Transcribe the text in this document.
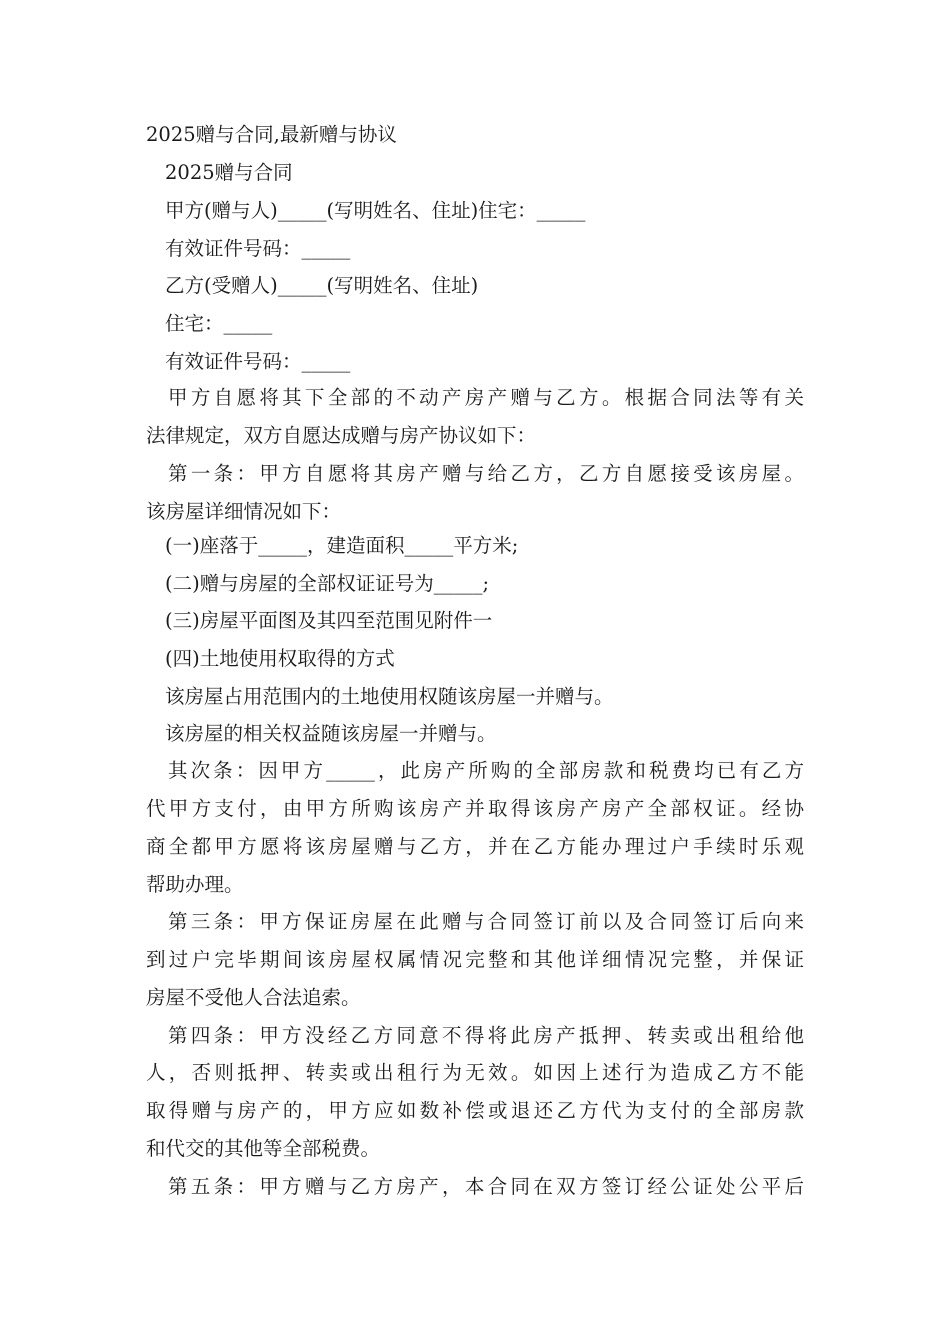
2025赠与合同,最新赠与协议
2025赠与合同
甲方(赠与人)_____(写明姓名、住址)住宅：_____
有效证件号码：_____
乙方(受赠人)_____(写明姓名、住址)
住宅：_____
有效证件号码：_____
甲方自愿将其下全部的不动产房产赠与乙方。根据合同法等有关
法律规定，双方自愿达成赠与房产协议如下：
第一条：甲方自愿将其房产赠与给乙方，乙方自愿接受该房屋。
该房屋详细情况如下：
(一)座落于_____，建造面积_____平方米;
(二)赠与房屋的全部权证证号为_____;
(三)房屋平面图及其四至范围见附件一
(四)土地使用权取得的方式
该房屋占用范围内的土地使用权随该房屋一并赠与。
该房屋的相关权益随该房屋一并赠与。
其次条：因甲方_____，此房产所购的全部房款和税费均已有乙方
代甲方支付，由甲方所购该房产并取得该房产房产全部权证。经协
商全都甲方愿将该房屋赠与乙方，并在乙方能办理过户手续时乐观
帮助办理。
第三条：甲方保证房屋在此赠与合同签订前以及合同签订后向来
到过户完毕期间该房屋权属情况完整和其他详细情况完整，并保证
房屋不受他人合法追索。
第四条：甲方没经乙方同意不得将此房产抵押、转卖或出租给他
人，否则抵押、转卖或出租行为无效。如因上述行为造成乙方不能
取得赠与房产的，甲方应如数补偿或退还乙方代为支付的全部房款
和代交的其他等全部税费。
第五条：甲方赠与乙方房产，本合同在双方签订经公证处公平后
